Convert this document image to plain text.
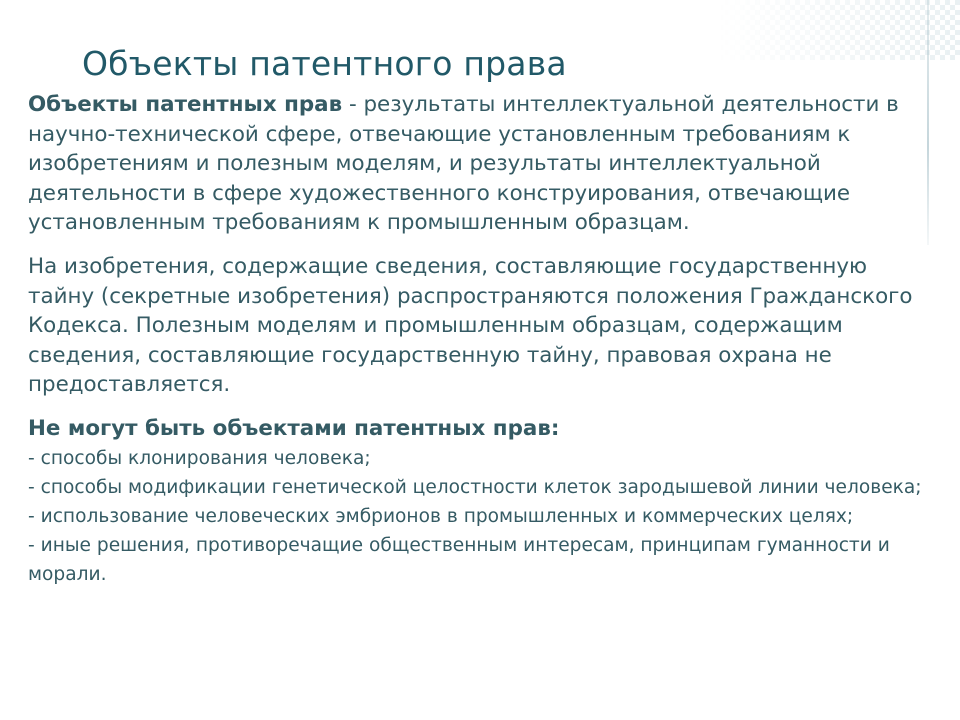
Объекты патентного права

Объекты патентных прав - результаты интеллектуальной деятельности в научно-технической сфере, отвечающие установленным требованиям к изобретениям и полезным моделям, и результаты интеллектуальной деятельности в сфере художественного конструирования, отвечающие установленным требованиям к промышленным образцам.

На изобретения, содержащие сведения, составляющие государственную тайну (секретные изобретения) распространяются положения Гражданского Кодекса. Полезным моделям и промышленным образцам, содержащим сведения, составляющие государственную тайну, правовая охрана не предоставляется.

Не могут быть объектами патентных прав:

- способы клонирования человека;
- способы модификации генетической целостности клеток зародышевой линии человека;
- использование человеческих эмбрионов в промышленных и коммерческих целях;
- иные решения, противоречащие общественным интересам, принципам гуманности и морали.
